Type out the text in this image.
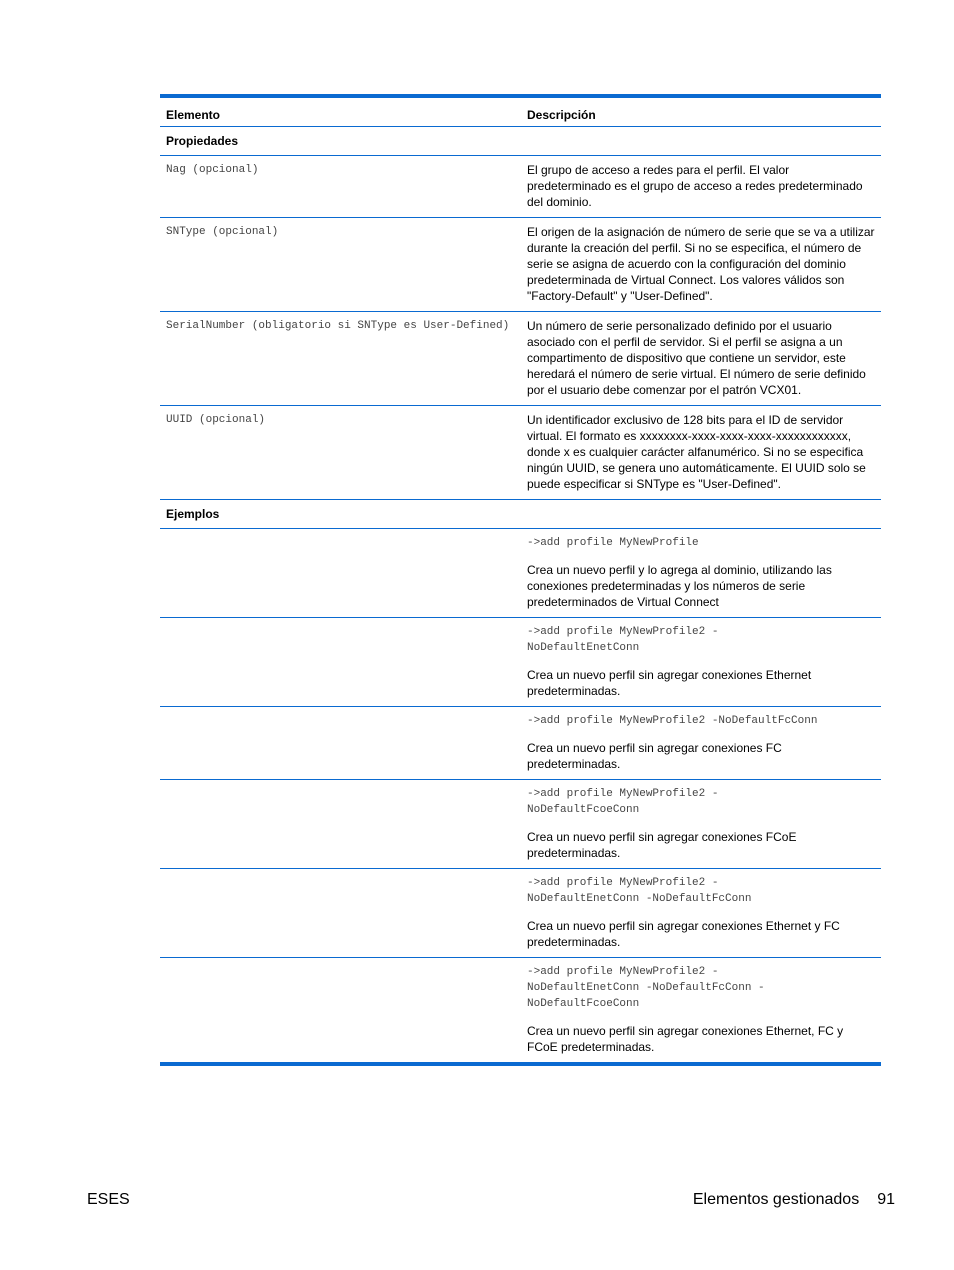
Elemento	Descripción
Propiedades	

Nag (opcional)	El grupo de acceso a redes para el perfil. El valor predeterminado es el grupo de acceso a redes predeterminado del dominio.

SNType (opcional)	El origen de la asignación de número de serie que se va a utilizar durante la creación del perfil. Si no se especifica, el número de serie se asigna de acuerdo con la configuración del dominio predeterminada de Virtual Connect. Los valores válidos son "Factory-Default" y "User-Defined".

SerialNumber (obligatorio si SNType es User-Defined)	Un número de serie personalizado definido por el usuario asociado con el perfil de servidor. Si el perfil se asigna a un compartimento de dispositivo que contiene un servidor, este heredará el número de serie virtual. El número de serie definido por el usuario debe comenzar por el patrón VCX01.

UUID (opcional)	Un identificador exclusivo de 128 bits para el ID de servidor virtual. El formato es xxxxxxxx-xxxx-xxxx-xxxx-xxxxxxxxxxxx, donde x es cualquier carácter alfanumérico. Si no se especifica ningún UUID, se genera uno automáticamente. El UUID solo se puede especificar si SNType es "User-Defined".
Ejemplos	

	->add profile MyNewProfile
Crea un nuevo perfil y lo agrega al dominio, utilizando las conexiones predeterminadas y los números de serie predeterminados de Virtual Connect

	->add profile MyNewProfile2 -
NoDefaultEnetConn
Crea un nuevo perfil sin agregar conexiones Ethernet predeterminadas.

	->add profile MyNewProfile2 -NoDefaultFcConn
Crea un nuevo perfil sin agregar conexiones FC predeterminadas.

	->add profile MyNewProfile2 -
NoDefaultFcoeConn
Crea un nuevo perfil sin agregar conexiones FCoE predeterminadas.

	->add profile MyNewProfile2 -
NoDefaultEnetConn -NoDefaultFcConn
Crea un nuevo perfil sin agregar conexiones Ethernet y FC predeterminadas.

	->add profile MyNewProfile2 -
NoDefaultEnetConn -NoDefaultFcConn -
NoDefaultFcoeConn
Crea un nuevo perfil sin agregar conexiones Ethernet, FC y FCoE predeterminadas.
ESES	Elementos gestionados 91
